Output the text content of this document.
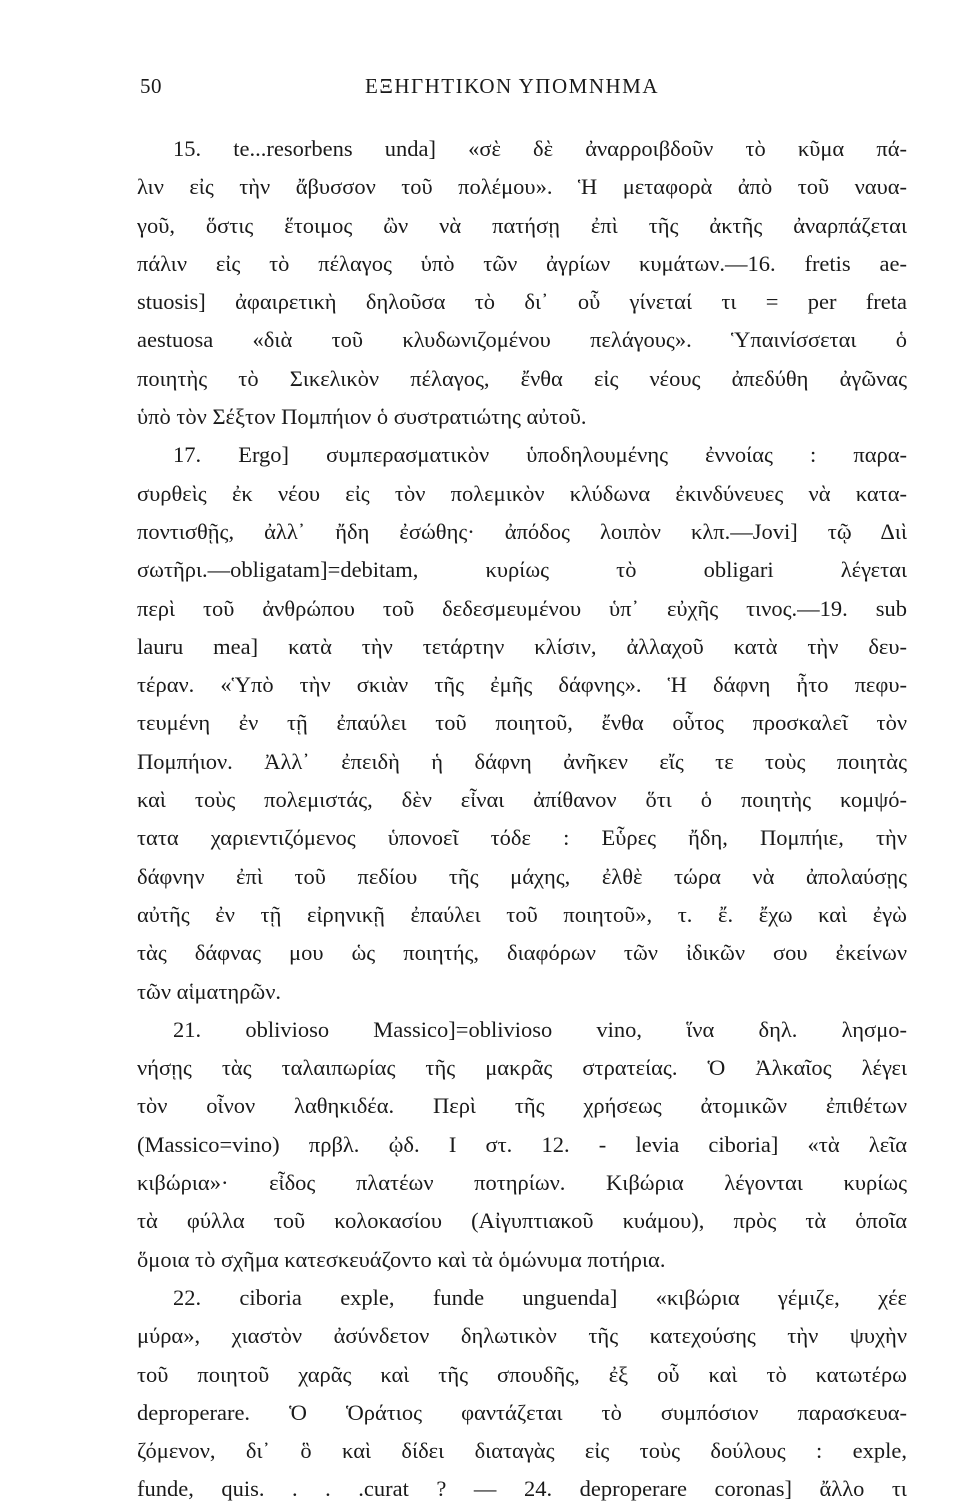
50	ΕΞΗΓΗΤΙΚΟΝ ΥΠΟΜΝΗΜΑ
15. te...resorbens unda] «σὲ δὲ ἀναρροιβδοῦν τὸ κῦμα πά-
λιν εἰς τὴν ἄβυσσον τοῦ πολέμου». Ἡ μεταφορὰ ἀπὸ τοῦ ναυα-
γοῦ, ὅστις ἕτοιμος ὢν νὰ πατήσῃ ἐπὶ τῆς ἀκτῆς ἀναρπάζεται
πάλιν εἰς τὸ πέλαγος ὑπὸ τῶν ἀγρίων κυμάτων.—16. fretis ae-
stuosis] ἀφαιρετικὴ δηλοῦσα τὸ δι᾽ οὗ γίνεταί τι = per freta
aestuosa «διὰ τοῦ κλυδωνιζομένου πελάγους». Ὑπαινίσσεται ὁ
ποιητὴς τὸ Σικελικὸν πέλαγος, ἔνθα εἰς νέους ἀπεδύθη ἀγῶνας
ὑπὸ τὸν Σέξτον Πομπήιον ὁ συστρατιώτης αὐτοῦ.
17. Ergo] συμπερασματικὸν ὑποδηλουμένης ἐννοίας : παρα-
συρθεὶς ἐκ νέου εἰς τὸν πολεμικὸν κλύδωνα ἐκινδύνευες νὰ κατα-
ποντισθῇς, ἀλλ᾽ ἤδη ἐσώθης· ἀπόδος λοιπὸν κλπ.—Jovi] τῷ Διὶ
σωτῆρι.—obligatam]=debitam, κυρίως τὸ obligari λέγεται
περὶ τοῦ ἀνθρώπου τοῦ δεδεσμευμένου ὑπ᾽ εὐχῆς τινος.—19. sub
lauru mea] κατὰ τὴν τετάρτην κλίσιν, ἀλλαχοῦ κατὰ τὴν δευ-
τέραν. «Ὑπὸ τὴν σκιὰν τῆς ἐμῆς δάφνης». Ἡ δάφνη ἦτο πεφυ-
τευμένη ἐν τῇ ἐπαύλει τοῦ ποιητοῦ, ἔνθα οὗτος προσκαλεῖ τὸν
Πομπήιον. Ἀλλ᾽ ἐπειδὴ ἡ δάφνη ἀνῆκεν εἴς τε τοὺς ποιητὰς
καὶ τοὺς πολεμιστάς, δὲν εἶναι ἀπίθανον ὅτι ὁ ποιητὴς κομψό-
τατα χαριεντιζόμενος ὑπονοεῖ τόδε : Εὗρες ἤδη, Πομπήιε, τὴν
δάφνην ἐπὶ τοῦ πεδίου τῆς μάχης, ἐλθὲ τώρα νὰ ἀπολαύσῃς
αὐτῆς ἐν τῇ εἰρηνικῇ ἐπαύλει τοῦ ποιητοῦ», τ. ἔ. ἔχω καὶ ἐγὼ
τὰς δάφνας μου ὡς ποιητής, διαφόρων τῶν ἰδικῶν σου ἐκείνων
τῶν αἱματηρῶν.
21. oblivioso Massico]=oblivioso vino, ἵνα δηλ. λησμο-
νήσῃς τὰς ταλαιπωρίας τῆς μακρᾶς στρατείας. Ὁ Ἀλκαῖος λέγει
τὸν οἶνον λαθηκιδέα. Περὶ τῆς χρήσεως ἀτομικῶν ἐπιθέτων
(Massico=vino) πρβλ. ᾠδ. I στ. 12. - levia ciboria] «τὰ λεῖα
κιβώρια»· εἶδος πλατέων ποτηρίων. Κιβώρια λέγονται κυρίως
τὰ φύλλα τοῦ κολοκασίου (Αἰγυπτιακοῦ κυάμου), πρὸς τὰ ὁποῖα
ὅμοια τὸ σχῆμα κατεσκευάζοντο καὶ τὰ ὁμώνυμα ποτήρια.
22. ciboria exple, funde unguenda] «κιβώρια γέμιζε, χέε
μύρα», χιαστὸν ἀσύνδετον δηλωτικὸν τῆς κατεχούσης τὴν ψυχὴν
τοῦ ποιητοῦ χαρᾶς καὶ τῆς σπουδῆς, ἐξ οὗ καὶ τὸ κατωτέρω
deproperare. Ὁ Ὁράτιος φαντάζεται τὸ συμπόσιον παρασκευα-
ζόμενον, δι᾽ ὃ καὶ δίδει διαταγὰς εἰς τοὺς δούλους : exple,
funde, quis. . . .curat ? — 24. deproperare coronas] ἄλλο τι
